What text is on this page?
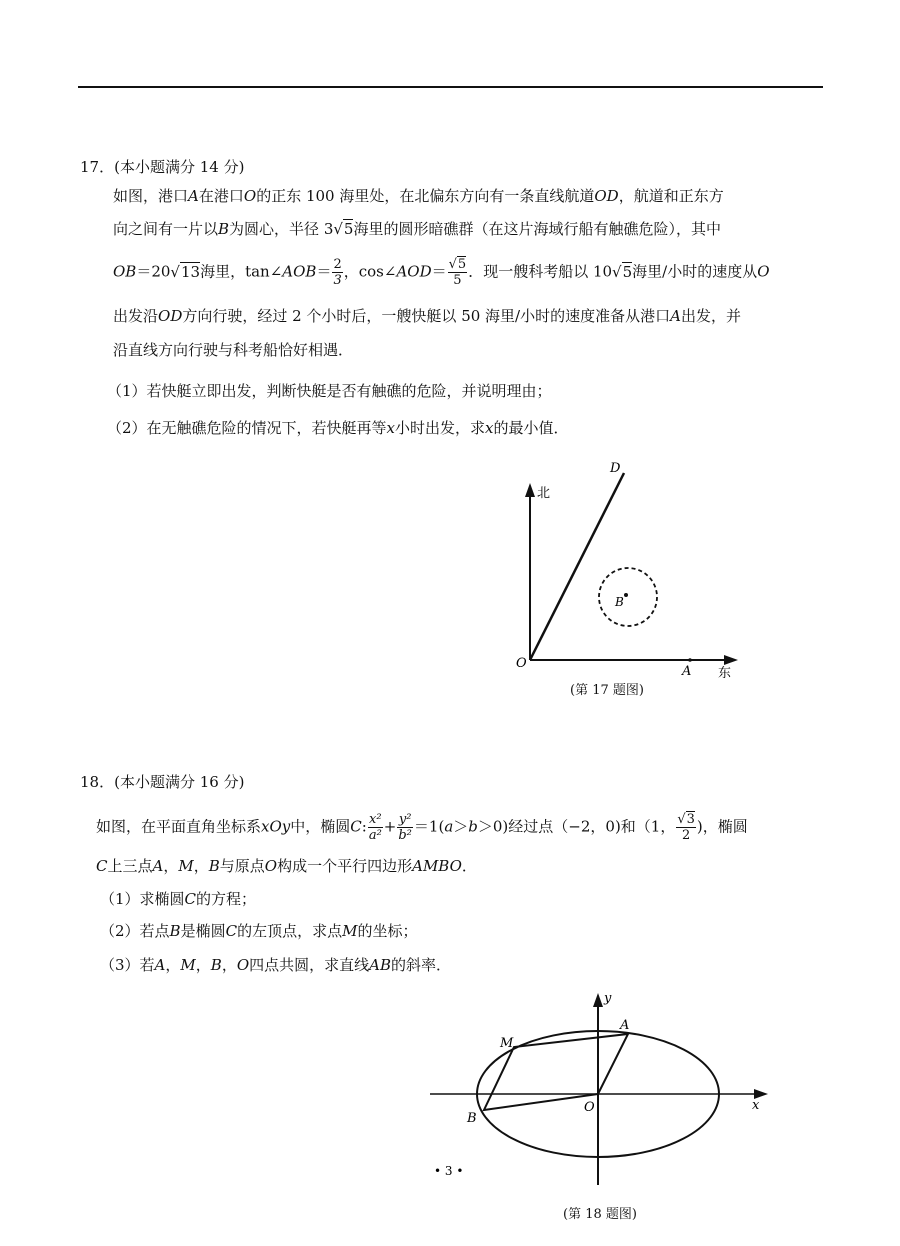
17．(本小题满分 14 分)
如图，港口A在港口O的正东 100 海里处，在北偏东方向有一条直线航道OD，航道和正东方
向之间有一片以B为圆心，半径 3√5海里的圆形暗礁群（在这片海域行船有触礁危险），其中
OB＝20√13海里，tan∠AOB＝ $\frac{2}{3}$ ，cos∠AOD＝ $\frac{√5}{5}$ ．现一艘科考船以 10√5海里/小时的速度从O
出发沿OD方向行驶，经过 2 个小时后，一艘快艇以 50 海里/小时的速度准备从港口A出发，并
沿直线方向行驶与科考船恰好相遇．
（1）若快艇立即出发，判断快艇是否有触礁的危险，并说明理由；
（2）在无触礁危险的情况下，若快艇再等x小时出发，求x的最小值．
D
北
B
O
A 东
(第 17 题图)
18．(本小题满分 16 分)
如图，在平面直角坐标系xOy中，椭圆C: $\frac{\text{x²}}{\text{a²}} + \frac{\text{y²}}{\text{b²}} =1(a>b>0)$经过点（−2，0)和（1， $\frac{√3}{2}$ )，椭圆
C上三点A，M，B与原点O构成一个平行四边形AMBO．
（1）求椭圆C的方程；
（2）若点B是椭圆C的左顶点，求点M的坐标；
（3）若A，M，B，O四点共圆，求直线AB的斜率．
y
A
M
O	x
B
• 3 •
(第 18 题图)
